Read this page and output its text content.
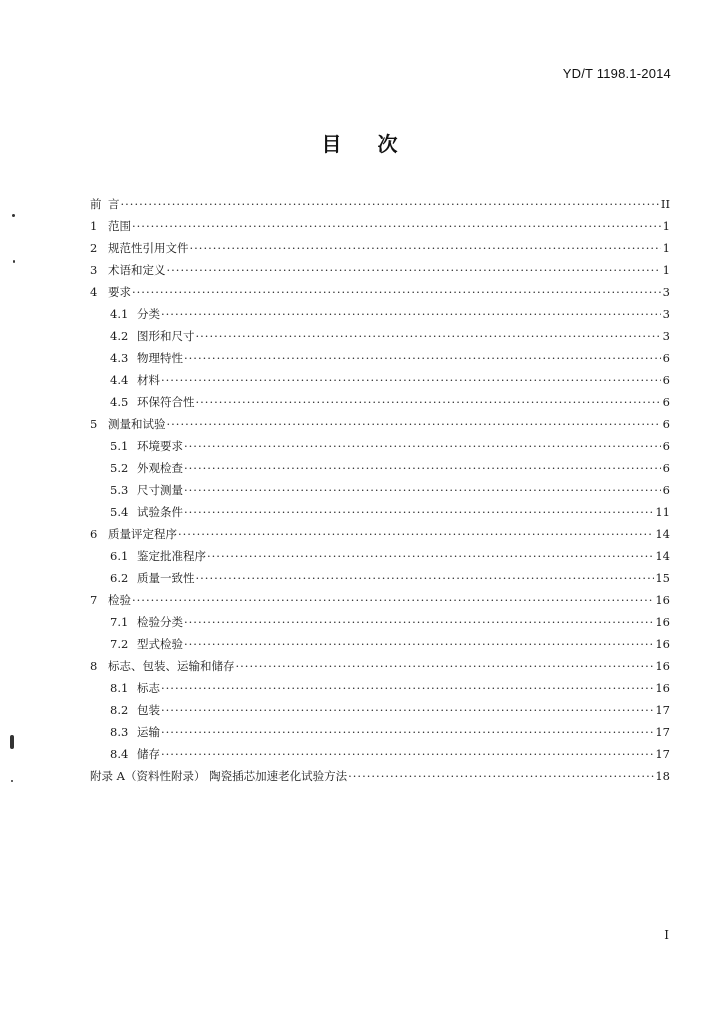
YD/T 1198.1-2014
目 次
前 言 ·····	II
1 范围 ·····	1
2 规范性引用文件 ·····	1
3 术语和定义 ·····	1
4 要求 ·····	3
4.1 分类 ·····	3
4.2 图形和尺寸 ·····	3
4.3 物理特性 ·····	6
4.4 材料 ·····	6
4.5 环保符合性 ·····	6
5 测量和试验 ·····	6
5.1 环境要求 ·····	6
5.2 外观检查 ·····	6
5.3 尺寸测量 ·····	6
5.4 试验条件 ·····	11
6 质量评定程序 ·····	14
6.1 鉴定批准程序 ·····	14
6.2 质量一致性 ·····	15
7 检验 ·····	16
7.1 检验分类 ·····	16
7.2 型式检验 ·····	16
8 标志、包装、运输和储存 ·····	16
8.1 标志 ·····	16
8.2 包装 ·····	17
8.3 运输 ·····	17
8.4 储存 ·····	17
附录 A（资料性附录） 陶瓷插芯加速老化试验方法 ·····	18
I
